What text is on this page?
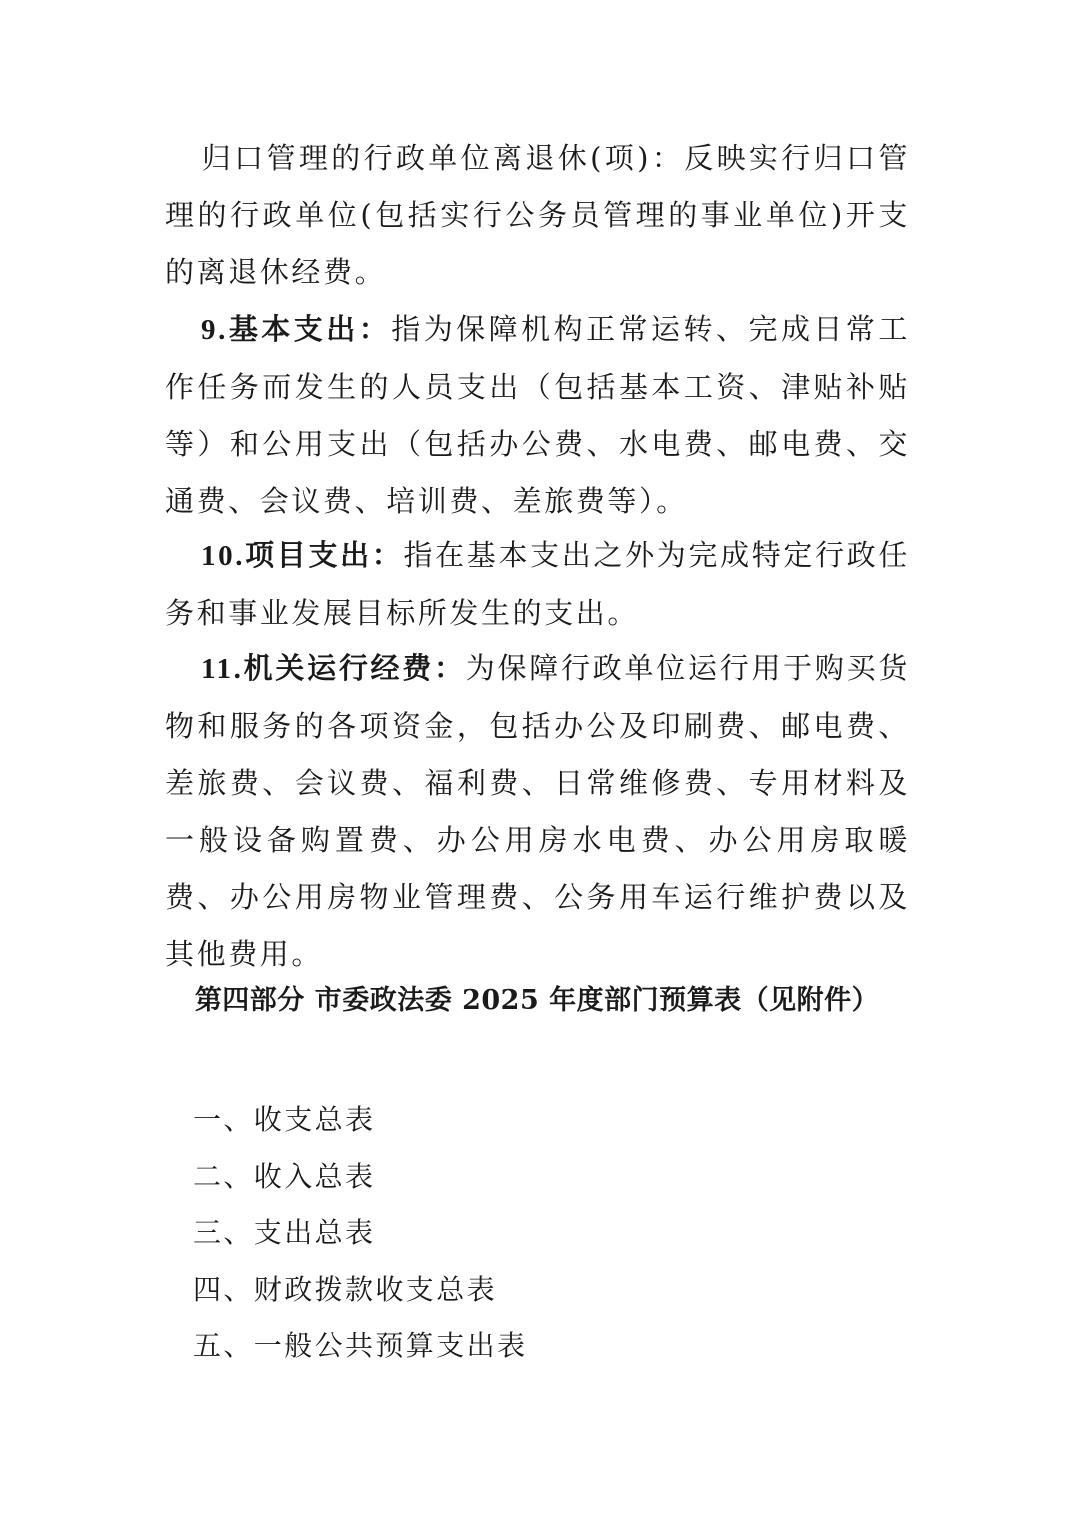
归口管理的行政单位离退休(项)：反映实行归口管理的行政单位(包括实行公务员管理的事业单位)开支的离退休经费。

9.基本支出：指为保障机构正常运转、完成日常工作任务而发生的人员支出（包括基本工资、津贴补贴等）和公用支出（包括办公费、水电费、邮电费、交通费、会议费、培训费、差旅费等）。

10.项目支出：指在基本支出之外为完成特定行政任务和事业发展目标所发生的支出。

11.机关运行经费：为保障行政单位运行用于购买货物和服务的各项资金，包括办公及印刷费、邮电费、差旅费、会议费、福利费、日常维修费、专用材料及一般设备购置费、办公用房水电费、办公用房取暖费、办公用房物业管理费、公务用车运行维护费以及其他费用。

第四部分 市委政法委 2025 年度部门预算表（见附件）
一、收支总表
二、收入总表
三、支出总表
四、财政拨款收支总表
五、一般公共预算支出表
